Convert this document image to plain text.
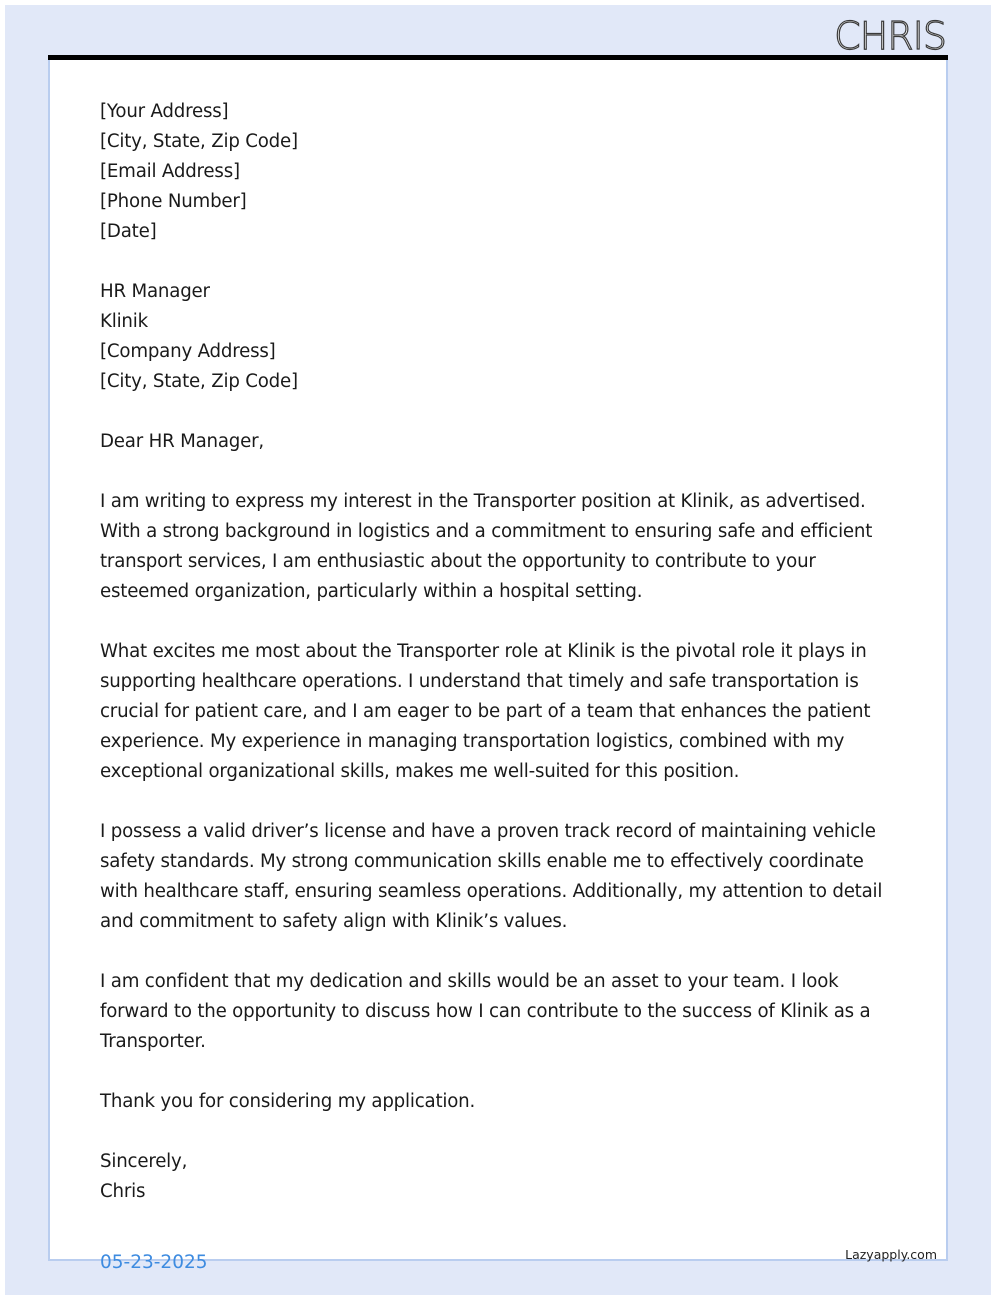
CHRIS
[Your Address]
[City, State, Zip Code]
[Email Address]
[Phone Number]
[Date]
HR Manager
Klinik
[Company Address]
[City, State, Zip Code]
Dear HR Manager,

I am writing to express my interest in the Transporter position at Klinik, as advertised.
With a strong background in logistics and a commitment to ensuring safe and efficient
transport services, I am enthusiastic about the opportunity to contribute to your
esteemed organization, particularly within a hospital setting.

What excites me most about the Transporter role at Klinik is the pivotal role it plays in
supporting healthcare operations. I understand that timely and safe transportation is
crucial for patient care, and I am eager to be part of a team that enhances the patient
experience. My experience in managing transportation logistics, combined with my
exceptional organizational skills, makes me well-suited for this position.

I possess a valid driver’s license and have a proven track record of maintaining vehicle
safety standards. My strong communication skills enable me to effectively coordinate
with healthcare staff, ensuring seamless operations. Additionally, my attention to detail
and commitment to safety align with Klinik’s values.

I am confident that my dedication and skills would be an asset to your team. I look
forward to the opportunity to discuss how I can contribute to the success of Klinik as a
Transporter.

Thank you for considering my application.

Sincerely,
Chris
05-23-2025	Lazyapply.com
